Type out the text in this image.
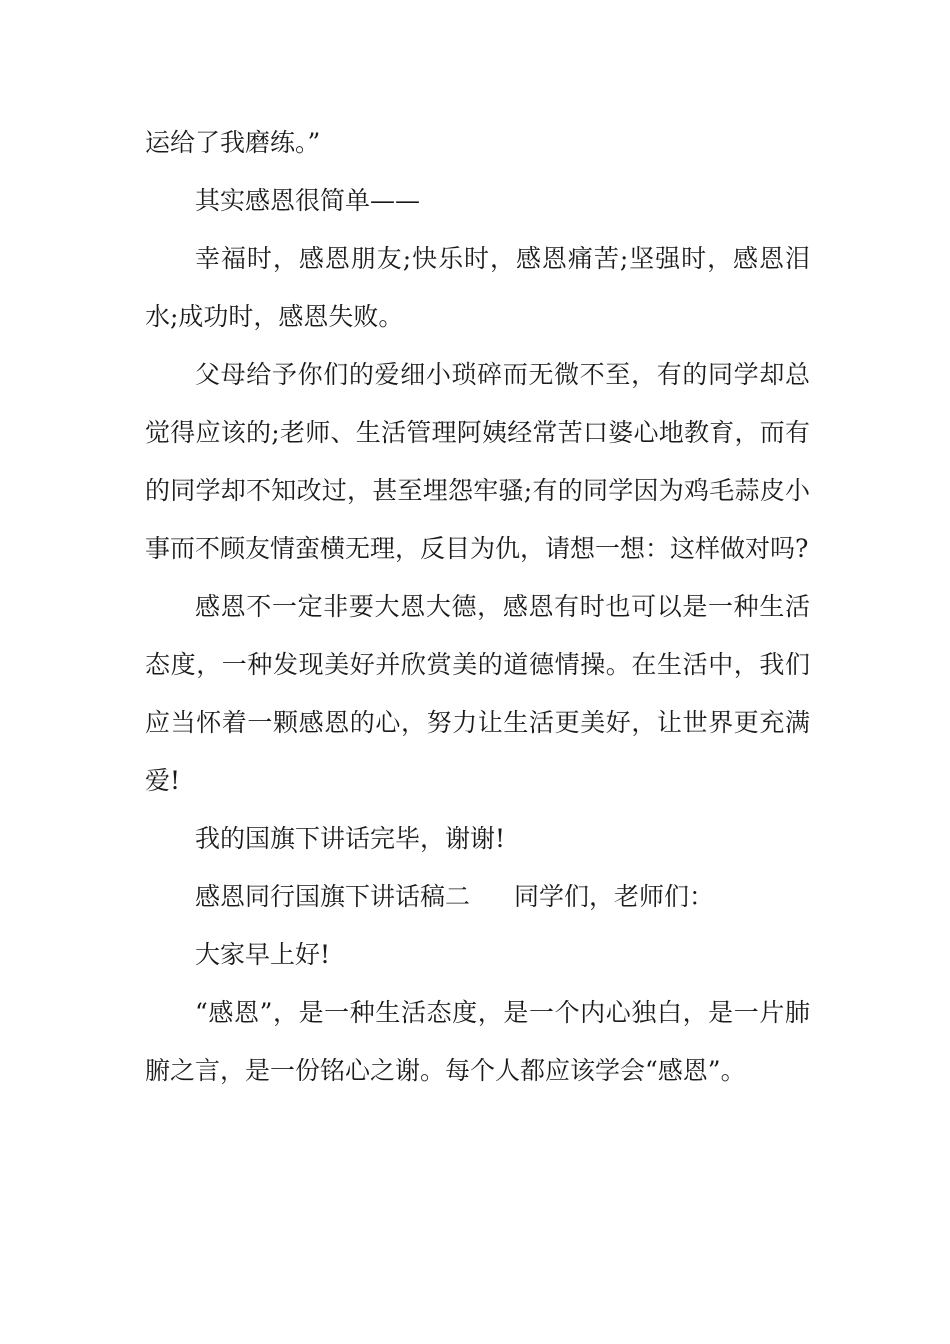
运给了我磨练。”

其实感恩很简单——

幸福时，感恩朋友;快乐时，感恩痛苦;坚强时，感恩泪水;成功时，感恩失败。

父母给予你们的爱细小琐碎而无微不至，有的同学却总觉得应该的;老师、生活管理阿姨经常苦口婆心地教育，而有的同学却不知改过，甚至埋怨牢骚;有的同学因为鸡毛蒜皮小事而不顾友情蛮横无理，反目为仇，请想一想：这样做对吗?

感恩不一定非要大恩大德，感恩有时也可以是一种生活态度，一种发现美好并欣赏美的道德情操。在生活中，我们应当怀着一颗感恩的心，努力让生活更美好，让世界更充满爱!

我的国旗下讲话完毕，谢谢!

感恩同行国旗下讲话稿二 同学们，老师们：

大家早上好!

“感恩”，是一种生活态度，是一个内心独白，是一片肺腑之言，是一份铭心之谢。每个人都应该学会“感恩”。
